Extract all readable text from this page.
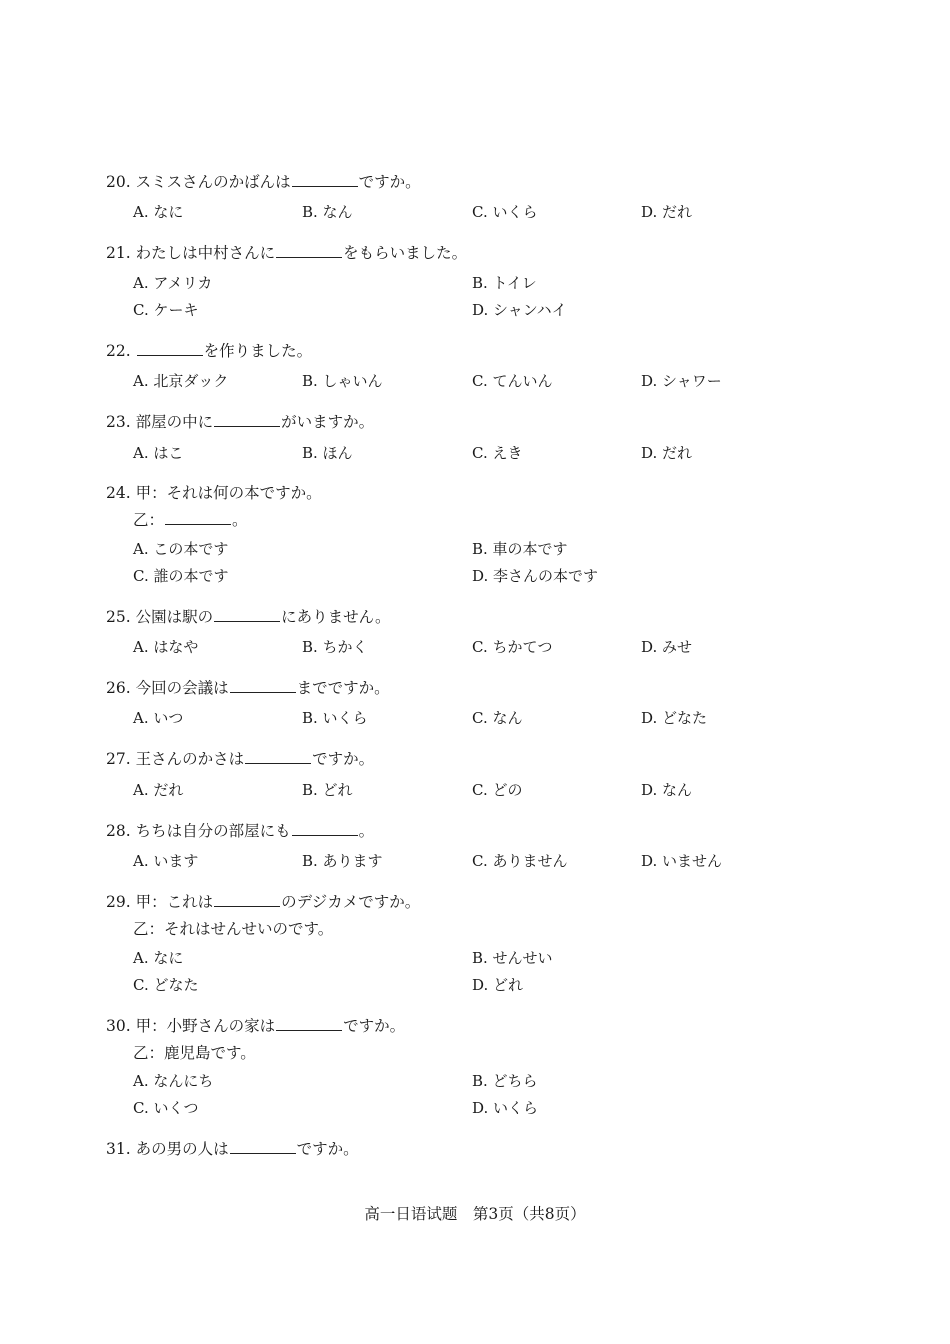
20. スミスさんのかばんは	ですか。
A. なに	B. なん	C. いくら	D. だれ
21. わたしは中村さんに	をもらいました。
A. アメリカ	B. トイレ
C. ケーキ	D. シャンハイ
22.	を作りました。
A. 北京ダック	B. しゃいん	C. てんいん	D. シャワー
23. 部屋の中に	がいますか。
A. はこ	B. ほん	C. えき	D. だれ
24. 甲：それは何の本ですか。
乙：	。
A. この本です	B. 車の本です
C. 誰の本です	D. 李さんの本です
25. 公園は駅の	にありません。
A. はなや	B. ちかく	C. ちかてつ	D. みせ
26. 今回の会議は	までですか。
A. いつ	B. いくら	C. なん	D. どなた
27. 王さんのかさは	ですか。
A. だれ	B. どれ	C. どの	D. なん
28. ちちは自分の部屋にも	。
A. います	B. あります	C. ありません	D. いません
29. 甲：これは	のデジカメですか。
乙：それはせんせいのです。
A. なに	B. せんせい
C. どなた	D. どれ
30. 甲：小野さんの家は	ですか。
乙：鹿児島です。
A. なんにち	B. どちら
C. いくつ	D. いくら
31. あの男の人は	ですか。
高一日语试题　第3页（共8页）
